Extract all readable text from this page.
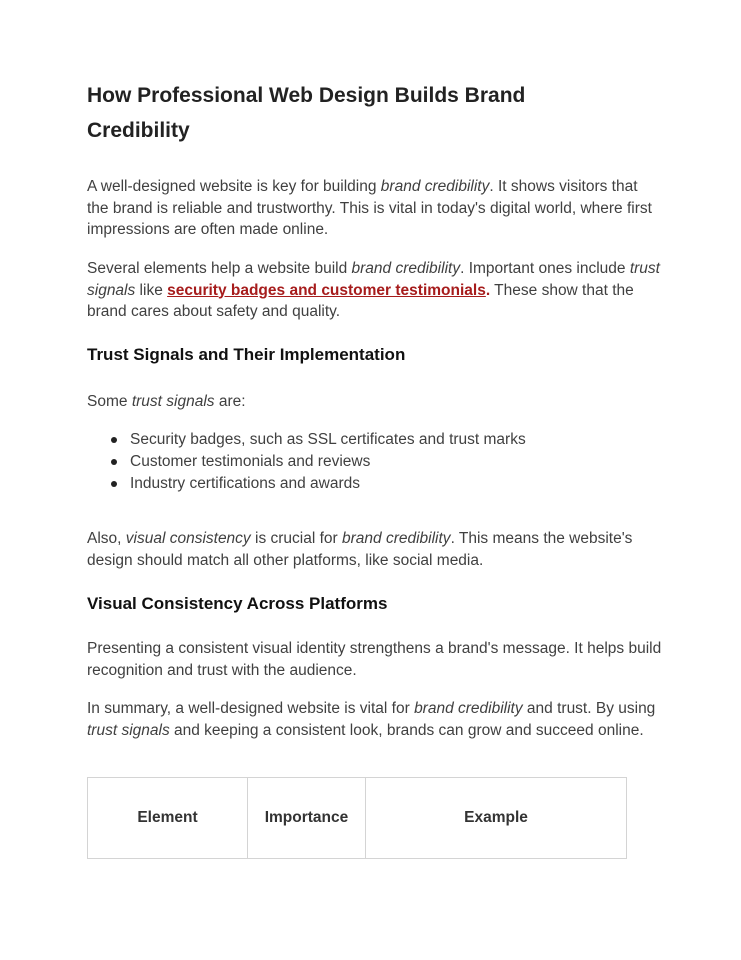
How Professional Web Design Builds Brand Credibility

A well-designed website is key for building brand credibility. It shows visitors that the brand is reliable and trustworthy. This is vital in today's digital world, where first impressions are often made online.

Several elements help a website build brand credibility. Important ones include trust signals like security badges and customer testimonials. These show that the brand cares about safety and quality.

Trust Signals and Their Implementation

Some trust signals are:

Security badges, such as SSL certificates and trust marks
Customer testimonials and reviews
Industry certifications and awards

Also, visual consistency is crucial for brand credibility. This means the website's design should match all other platforms, like social media.

Visual Consistency Across Platforms

Presenting a consistent visual identity strengthens a brand's message. It helps build recognition and trust with the audience.

In summary, a well-designed website is vital for brand credibility and trust. By using trust signals and keeping a consistent look, brands can grow and succeed online.

Element	Importance	Example
